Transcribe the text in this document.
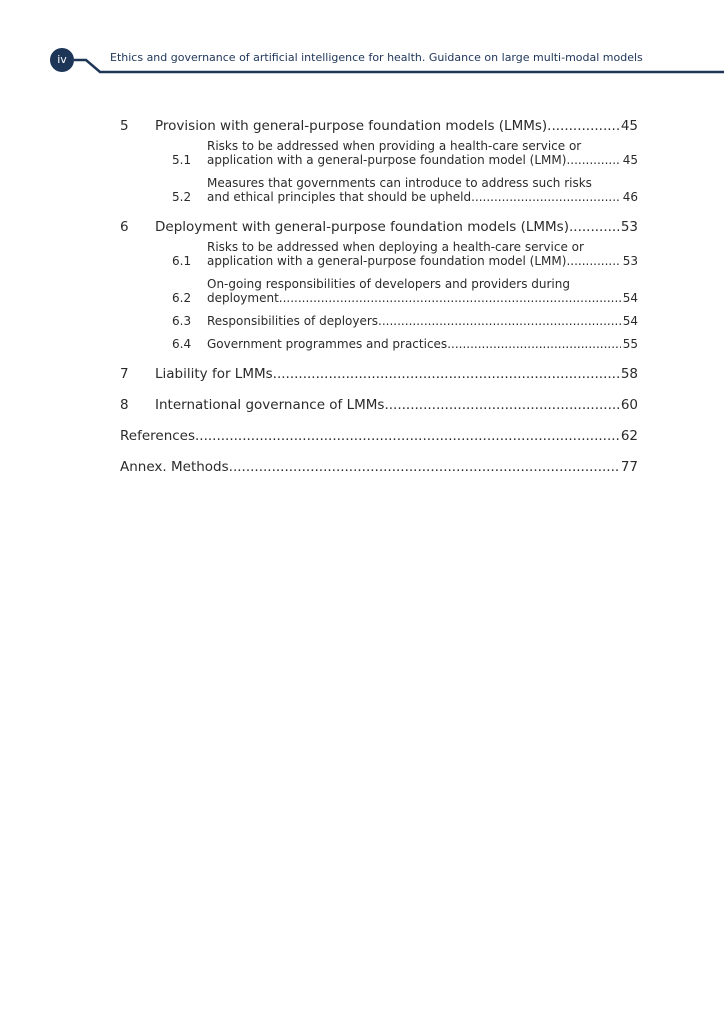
iv	Ethics and governance of artificial intelligence for health. Guidance on large multi-modal models
5	Provision with general-purpose foundation models (LMMs) .....	45
5.1
Risks to be addressed when providing a health-care service or
application with a general-purpose foundation model (LMM) .....	45
5.2
Measures that governments can introduce to address such risks
and ethical principles that should be upheld .....	46
6	Deployment with general-purpose foundation models (LMMs) .....	53
6.1
Risks to be addressed when deploying a health-care service or
application with a general-purpose foundation model (LMM) .....	53
6.2
On-going responsibilities of developers and providers during
deployment .....	54
6.3	Responsibilities of deployers .....	54
6.4	Government programmes and practices .....	55
7	Liability for LMMs .....	58
8	International governance of LMMs .....	60
References .....	62
Annex. Methods .....	77
